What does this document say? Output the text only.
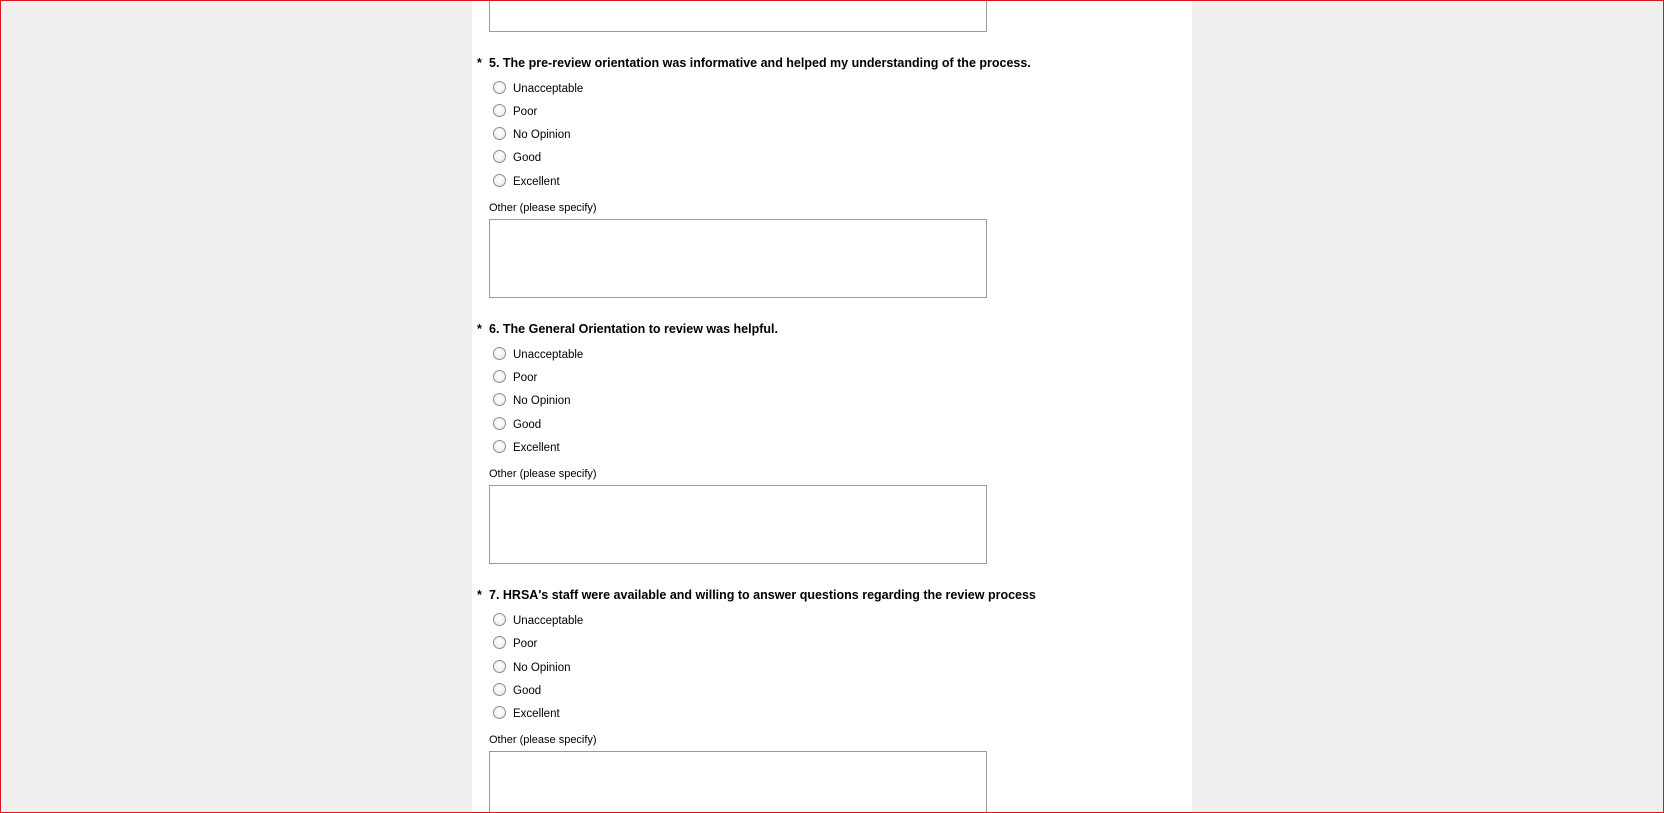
* 5. The pre-review orientation was informative and helped my understanding of the process.
Unacceptable
Poor
No Opinion
Good
Excellent
Other (please specify)
* 6. The General Orientation to review was helpful.
Unacceptable
Poor
No Opinion
Good
Excellent
Other (please specify)
* 7. HRSA's staff were available and willing to answer questions regarding the review process
Unacceptable
Poor
No Opinion
Good
Excellent
Other (please specify)
